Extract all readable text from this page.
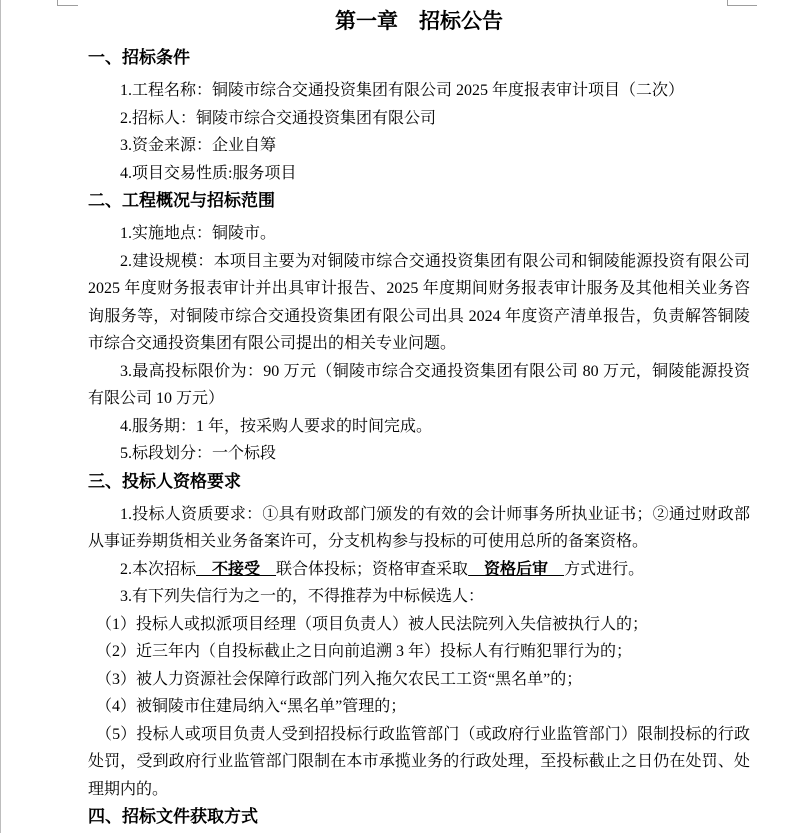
第一章　招标公告
一、招标条件

1.工程名称：铜陵市综合交通投资集团有限公司 2025 年度报表审计项目（二次）

2.招标人：铜陵市综合交通投资集团有限公司

3.资金来源：企业自筹

4.项目交易性质:服务项目

二、工程概况与招标范围

1.实施地点：铜陵市。

2.建设规模：本项目主要为对铜陵市综合交通投资集团有限公司和铜陵能源投资有限公司 2025 年度财务报表审计并出具审计报告、2025 年度期间财务报表审计服务及其他相关业务咨询服务等，对铜陵市综合交通投资集团有限公司出具 2024 年度资产清单报告，负责解答铜陵市综合交通投资集团有限公司提出的相关专业问题。

3.最高投标限价为：90 万元（铜陵市综合交通投资集团有限公司 80 万元，铜陵能源投资有限公司 10 万元）

4.服务期：1 年，按采购人要求的时间完成。

5.标段划分：一个标段

三、投标人资格要求

1.投标人资质要求：①具有财政部门颁发的有效的会计师事务所执业证书；②通过财政部从事证券期货相关业务备案许可，分支机构参与投标的可使用总所的备案资格。

2.本次招标　不接受　联合体投标；资格审查采取　资格后审　方式进行。

3.有下列失信行为之一的，不得推荐为中标候选人：

（1）投标人或拟派项目经理（项目负责人）被人民法院列入失信被执行人的；

（2）近三年内（自投标截止之日向前追溯 3 年）投标人有行贿犯罪行为的；

（3）被人力资源社会保障行政部门列入拖欠农民工工资“黑名单”的；

（4）被铜陵市住建局纳入“黑名单”管理的；

（5）投标人或项目负责人受到招投标行政监管部门（或政府行业监管部门）限制投标的行政处罚，受到政府行业监管部门限制在本市承揽业务的行政处理，至投标截止之日仍在处罚、处理期内的。

四、招标文件获取方式
